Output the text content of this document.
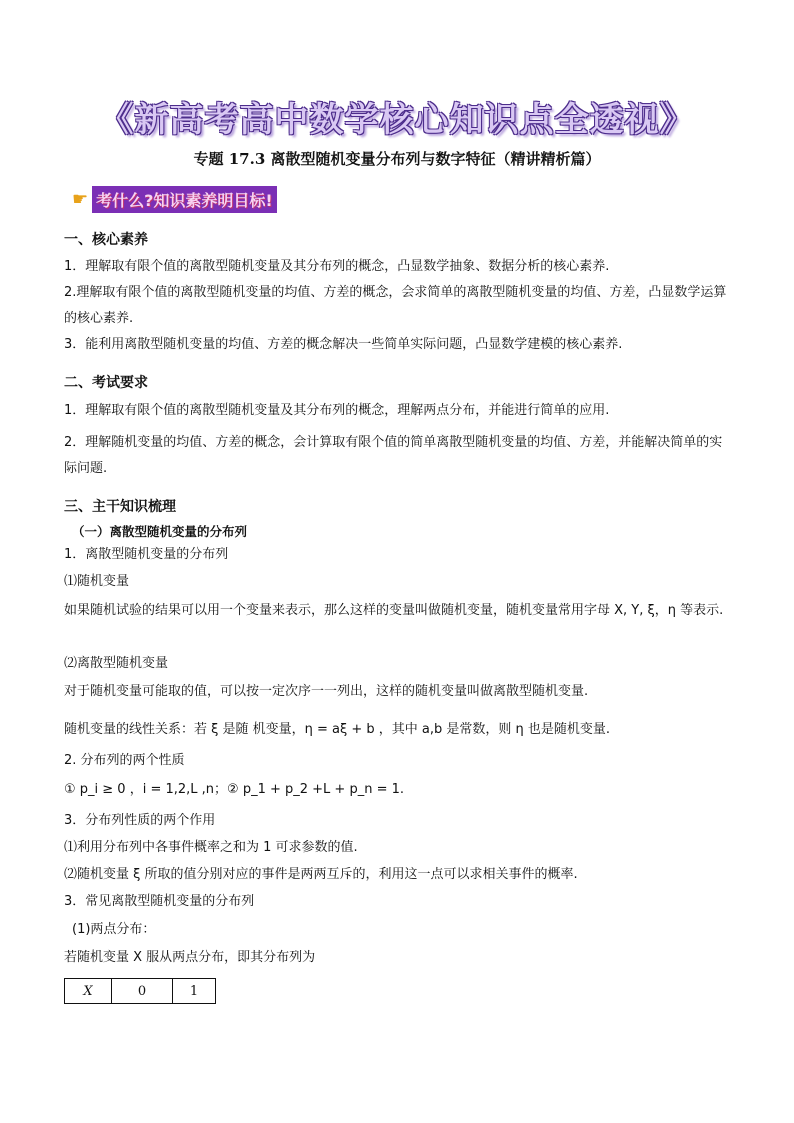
《新高考高中数学核心知识点全透视》
专题 17.3 离散型随机变量分布列与数字特征（精讲精析篇）
☛ 考什么?知识素养明目标!
一、核心素养
1．理解取有限个值的离散型随机变量及其分布列的概念，凸显数学抽象、数据分析的核心素养.
2.理解取有限个值的离散型随机变量的均值、方差的概念，会求简单的离散型随机变量的均值、方差，凸显数学运算的核心素养.
3．能利用离散型随机变量的均值、方差的概念解决一些简单实际问题，凸显数学建模的核心素养.
二、考试要求
1．理解取有限个值的离散型随机变量及其分布列的概念，理解两点分布，并能进行简单的应用.
2．理解随机变量的均值、方差的概念，会计算取有限个值的简单离散型随机变量的均值、方差，并能解决简单的实际问题.
三、主干知识梳理
（一）离散型随机变量的分布列
1．离散型随机变量的分布列
⑴随机变量
如果随机试验的结果可以用一个变量来表示，那么这样的变量叫做随机变量，随机变量常用字母 X, Y, ξ，η 等表示.
⑵离散型随机变量
对于随机变量可能取的值，可以按一定次序一一列出，这样的随机变量叫做离散型随机变量.
随机变量的线性关系：若 ξ 是随 机变量，η = aξ + b ，其中 a,b 是常数，则 η 也是随机变量.
2. 分布列的两个性质
① p_i ≥ 0 ，i = 1,2,L ,n；② p_1 + p_2 +L + p_n = 1.
3．分布列性质的两个作用
⑴利用分布列中各事件概率之和为 1 可求参数的值.
⑵随机变量 ξ 所取的值分别对应的事件是两两互斥的，利用这一点可以求相关事件的概率.
3．常见离散型随机变量的分布列
(1)两点分布：
若随机变量 X 服从两点分布，即其分布列为
X	0	1
